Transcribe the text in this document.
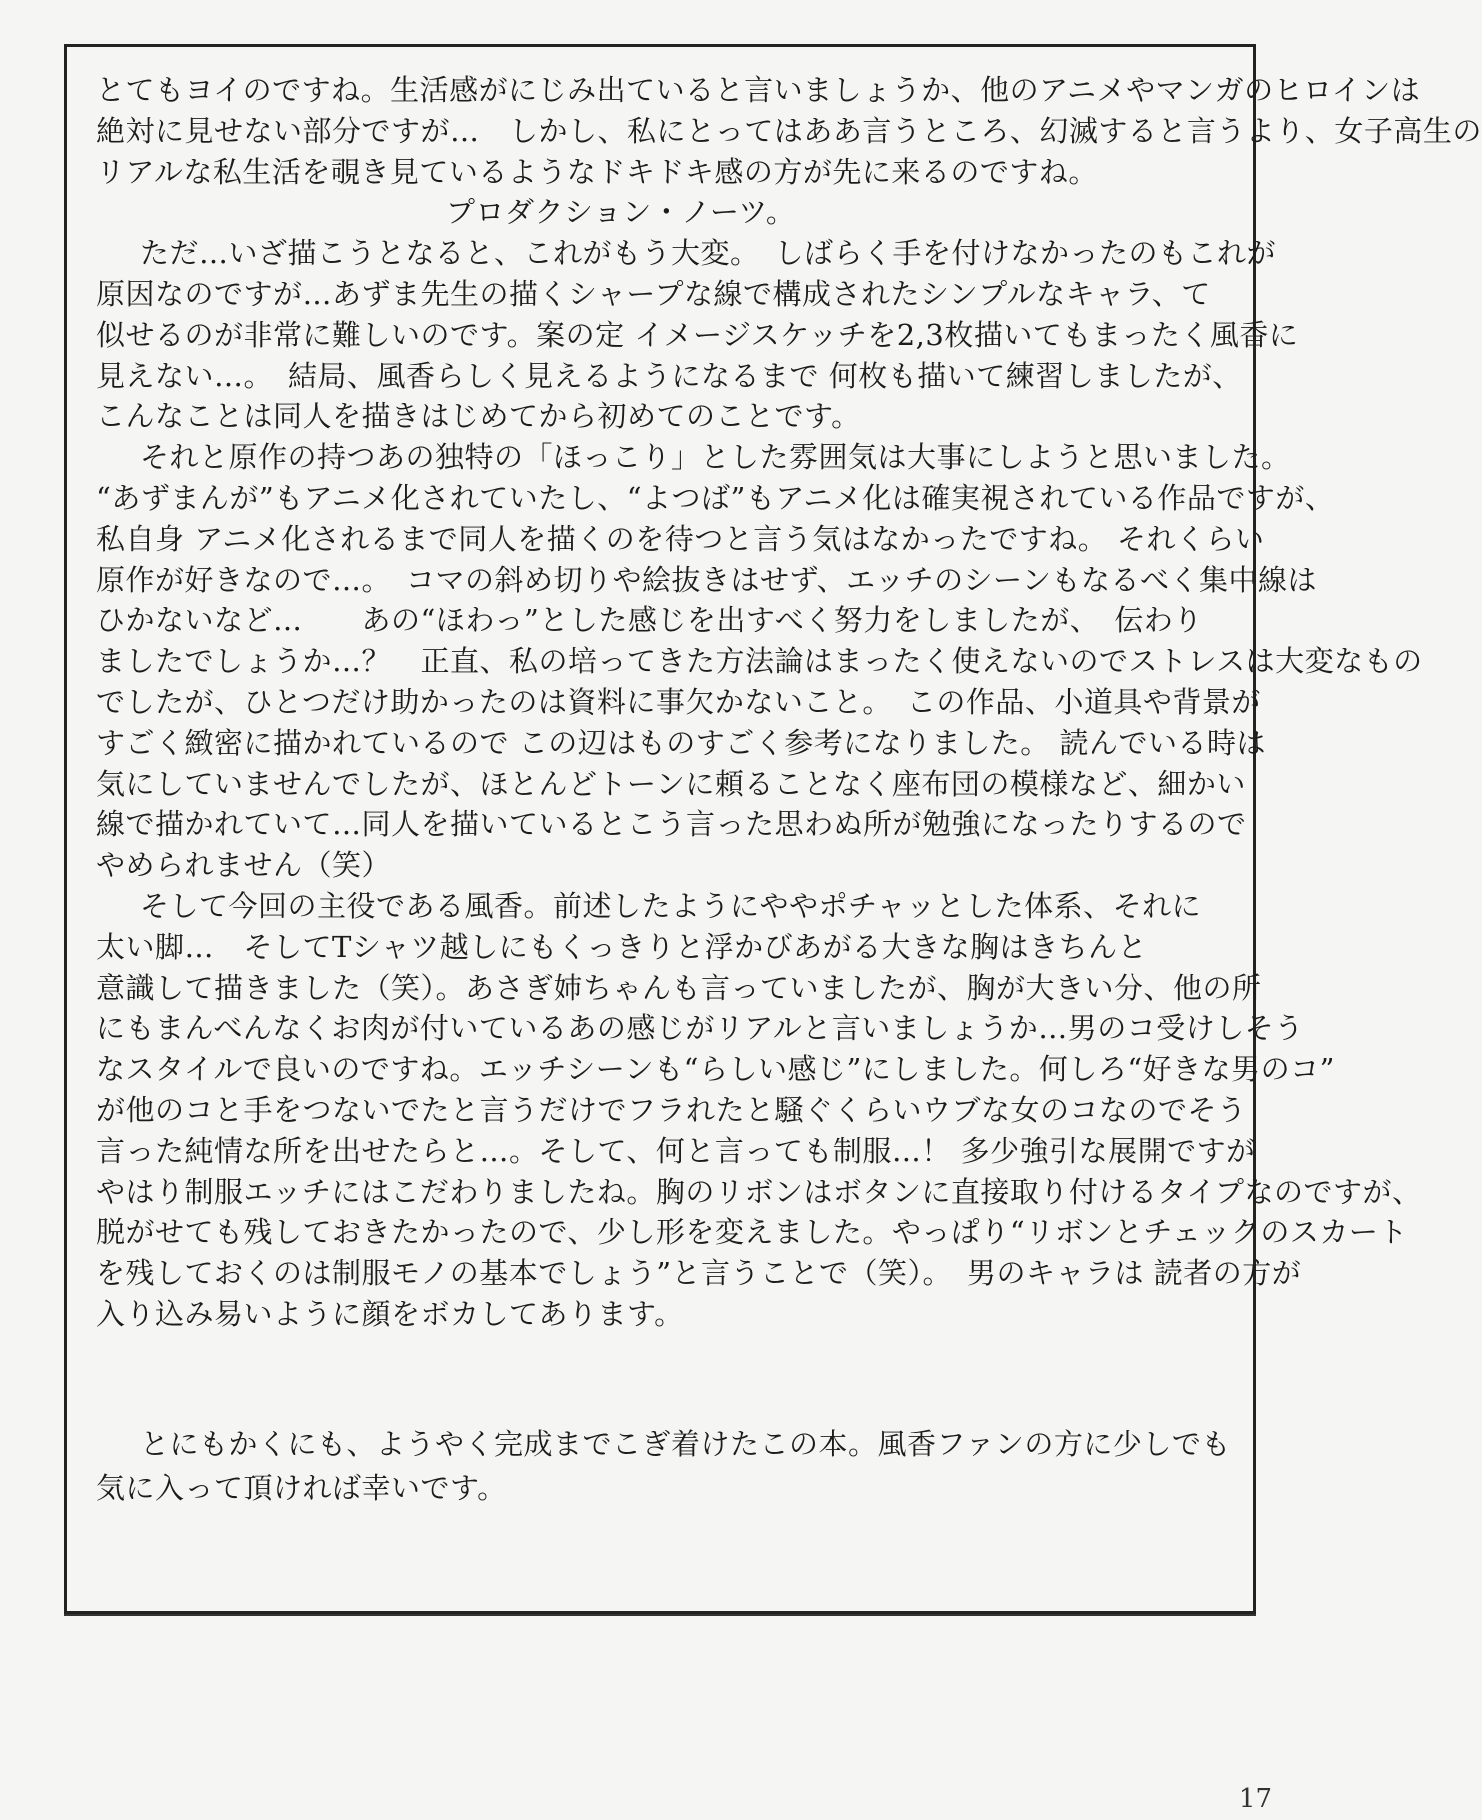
とてもヨイのですね。生活感がにじみ出ていると言いましょうか、他のアニメやマンガのヒロインは

絶対に見せない部分ですが…　しかし、私にとってはああ言うところ、幻滅すると言うより、女子高生の

リアルな私生活を覗き見ているようなドキドキ感の方が先に来るのですね。

プロダクション・ノーツ。

ただ…いざ描こうとなると、これがもう大変。　しばらく手を付けなかったのもこれが

原因なのですが…あずま先生の描くシャープな線で構成されたシンプルなキャラ、て

似せるのが非常に難しいのです。案の定 イメージスケッチを2,3枚描いてもまったく風香に

見えない…。　結局、風香らしく見えるようになるまで 何枚も描いて練習しましたが、

こんなことは同人を描きはじめてから初めてのことです。

それと原作の持つあの独特の「ほっこり」とした雰囲気は大事にしようと思いました。

“あずまんが”もアニメ化されていたし、“よつば”もアニメ化は確実視されている作品ですが、

私自身 アニメ化されるまで同人を描くのを待つと言う気はなかったですね。 それくらい

原作が好きなので…。　コマの斜め切りや絵抜きはせず、エッチのシーンもなるべく集中線は

ひかないなど…　　あの“ほわっ”とした感じを出すべく努力をしましたが、　伝わり

ましたでしょうか…？　正直、私の培ってきた方法論はまったく使えないのでストレスは大変なもの

でしたが、ひとつだけ助かったのは資料に事欠かないこと。　この作品、小道具や背景が

すごく緻密に描かれているので この辺はものすごく参考になりました。 読んでいる時は

気にしていませんでしたが、ほとんどトーンに頼ることなく座布団の模様など、細かい

線で描かれていて…同人を描いているとこう言った思わぬ所が勉強になったりするので

やめられません（笑）

そして今回の主役である風香。前述したようにややポチャッとした体系、それに

太い脚…　そしてTシャツ越しにもくっきりと浮かびあがる大きな胸はきちんと

意識して描きました（笑）。あさぎ姉ちゃんも言っていましたが、胸が大きい分、他の所

にもまんべんなくお肉が付いているあの感じがリアルと言いましょうか…男のコ受けしそう

なスタイルで良いのですね。エッチシーンも“らしい感じ”にしました。何しろ“好きな男のコ”

が他のコと手をつないでたと言うだけでフラれたと騒ぐくらいウブな女のコなのでそう

言った純情な所を出せたらと…。そして、何と言っても制服…！ 多少強引な展開ですが

やはり制服エッチにはこだわりましたね。胸のリボンはボタンに直接取り付けるタイプなのですが、

脱がせても残しておきたかったので、少し形を変えました。やっぱり“リボンとチェックのスカート

を残しておくのは制服モノの基本でしょう”と言うことで（笑）。　男のキャラは 読者の方が

入り込み易いように顔をボカしてあります。

とにもかくにも、ようやく完成までこぎ着けたこの本。風香ファンの方に少しでも

気に入って頂ければ幸いです。

17
